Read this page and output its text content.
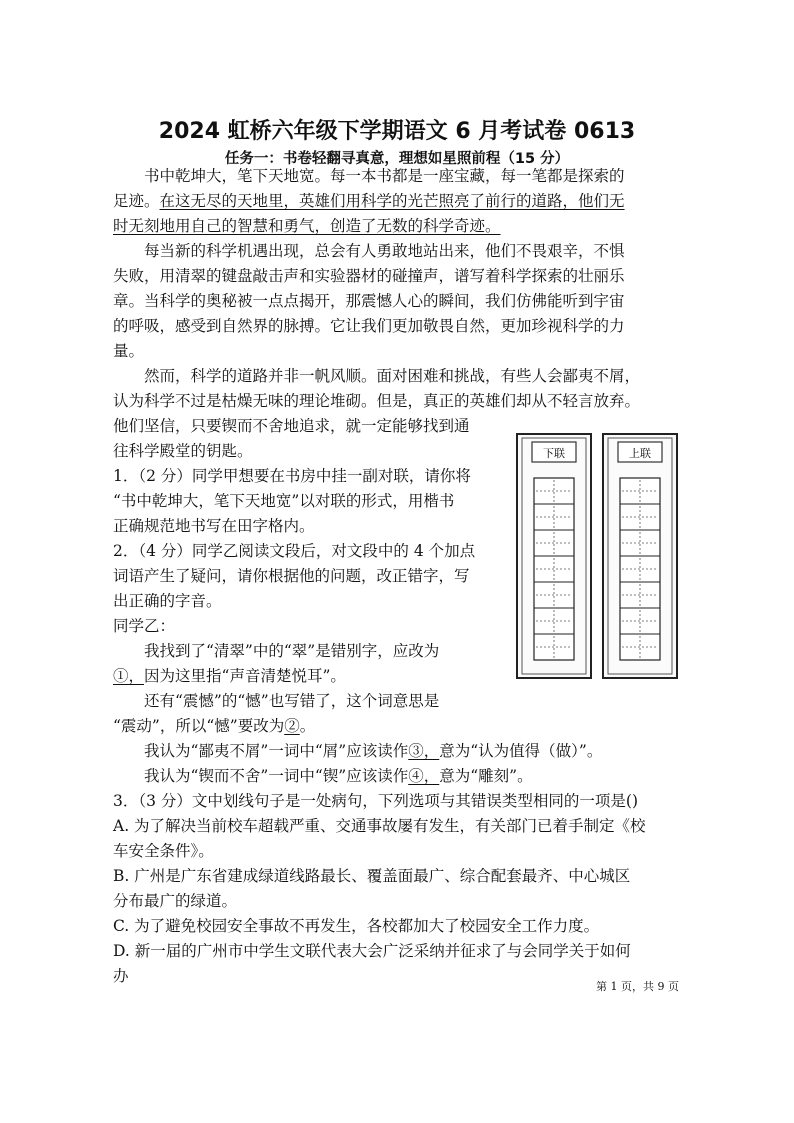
2024 虹桥六年级下学期语文 6 月考试卷 0613
任务一：书卷轻翻寻真意，理想如星照前程（15 分）
　　书中乾坤大，笔下天地宽。每一本书都是一座宝藏，每一笔都是探索的
足迹。在这无尽的天地里，英雄们用科学的光芒照亮了前行的道路，他们无
时无刻地用自己的智慧和勇气，创造了无数的科学奇迹。
　　每当新的科学机遇出现，总会有人勇敢地站出来，他们不畏艰辛，不惧
失败，用清翠的键盘敲击声和实验器材的碰撞声，谱写着科学探索的壮丽乐
章。当科学的奥秘被一点点揭开，那震憾人心的瞬间，我们仿佛能听到宇宙
的呼吸，感受到自然界的脉搏。它让我们更加敬畏自然，更加珍视科学的力
量。
　　然而，科学的道路并非一帆风顺。面对困难和挑战，有些人会鄙夷不屑，
认为科学不过是枯燥无味的理论堆砌。但是，真正的英雄们却从不轻言放弃。
他们坚信，只要锲而不舍地追求，就一定能够找到通
往科学殿堂的钥匙。
1．（2 分）同学甲想要在书房中挂一副对联，请你将
“书中乾坤大，笔下天地宽”以对联的形式，用楷书
正确规范地书写在田字格内。
2．（4 分）同学乙阅读文段后，对文段中的 4 个加点
词语产生了疑问，请你根据他的问题，改正错字，写
出正确的字音。
同学乙：
　　我找到了“清翠”中的“翠”是错别字，应改为
①，因为这里指“声音清楚悦耳”。
　　还有“震憾”的“憾”也写错了，这个词意思是
“震动”，所以“憾”要改为②。
　　我认为“鄙夷不屑”一词中“屑”应该读作③，意为“认为值得（做）”。
　　我认为“锲而不舍”一词中“锲”应该读作④，意为“雕刻”。
3．（3 分）文中划线句子是一处病句，下列选项与其错误类型相同的一项是()
A. 为了解决当前校车超载严重、交通事故屡有发生，有关部门已着手制定《校
车安全条件》。
B. 广州是广东省建成绿道线路最长、覆盖面最广、综合配套最齐、中心城区
分布最广的绿道。
C. 为了避免校园安全事故不再发生，各校都加大了校园安全工作力度。
D. 新一届的广州市中学生文联代表大会广泛采纳并征求了与会同学关于如何
办
第 1 页，共 9 页
下联	上联
